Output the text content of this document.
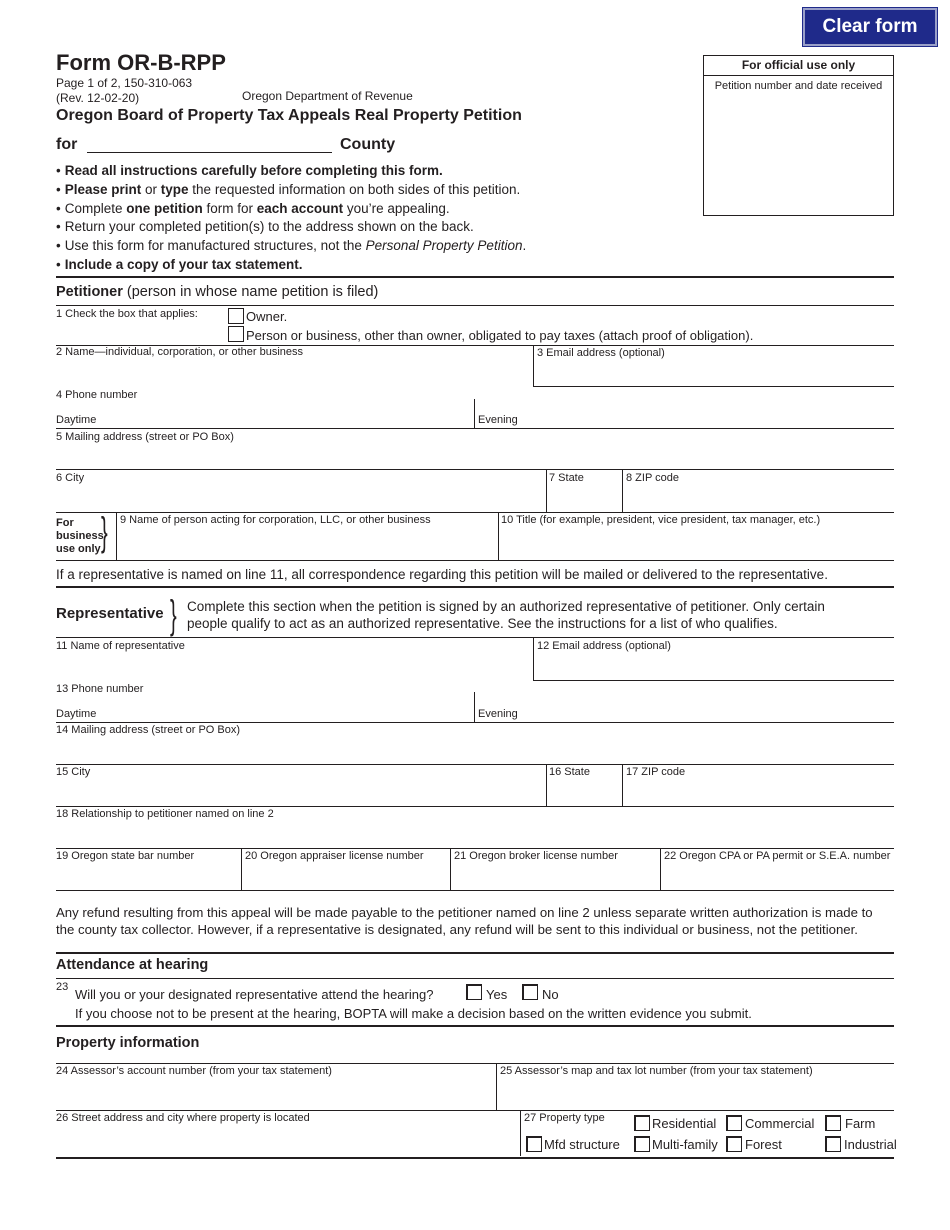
Clear form
Form OR-B-RPP
Page 1 of 2, 150-310-063
(Rev. 12-02-20)	Oregon Department of Revenue
Oregon Board of Property Tax Appeals Real Property Petition
for	County
For official use only
Petition number and date received
• Read all instructions carefully before completing this form.
• Please print or type the requested information on both sides of this petition.
• Complete one petition form for each account you’re appealing.
• Return your completed petition(s) to the address shown on the back.
• Use this form for manufactured structures, not the Personal Property Petition.
• Include a copy of your tax statement.
Petitioner (person in whose name petition is filed)
1 Check the box that applies:	Owner.
Person or business, other than owner, obligated to pay taxes (attach proof of obligation).
2 Name—individual, corporation, or other business	3 Email address (optional)
4 Phone number
Daytime	Evening
5 Mailing address (street or PO Box)
6 City	7 State	8 ZIP code
For
business
use only } 9 Name of person acting for corporation, LLC, or other business	10 Title (for example, president, vice president, tax manager, etc.)
If a representative is named on line 11, all correspondence regarding this petition will be mailed or delivered to the representative.
Representative } Complete this section when the petition is signed by an authorized representative of petitioner. Only certain
people qualify to act as an authorized representative. See the instructions for a list of who qualifies.
11 Name of representative	12 Email address (optional)
13 Phone number
Daytime	Evening
14 Mailing address (street or PO Box)
15 City	16 State	17 ZIP code
18 Relationship to petitioner named on line 2
19 Oregon state bar number	20 Oregon appraiser license number	21 Oregon broker license number	22 Oregon CPA or PA permit or S.E.A. number
Any refund resulting from this appeal will be made payable to the petitioner named on line 2 unless separate written authorization is made to
the county tax collector. However, if a representative is designated, any refund will be sent to this individual or business, not the petitioner.
Attendance at hearing
23 Will you or your designated representative attend the hearing?	Yes	No
If you choose not to be present at the hearing, BOPTA will make a decision based on the written evidence you submit.
Property information
24 Assessor’s account number (from your tax statement)	25 Assessor’s map and tax lot number (from your tax statement)
26 Street address and city where property is located	27 Property type	Residential Commercial Farm
Mfd structure Multi-family Forest	Industrial
